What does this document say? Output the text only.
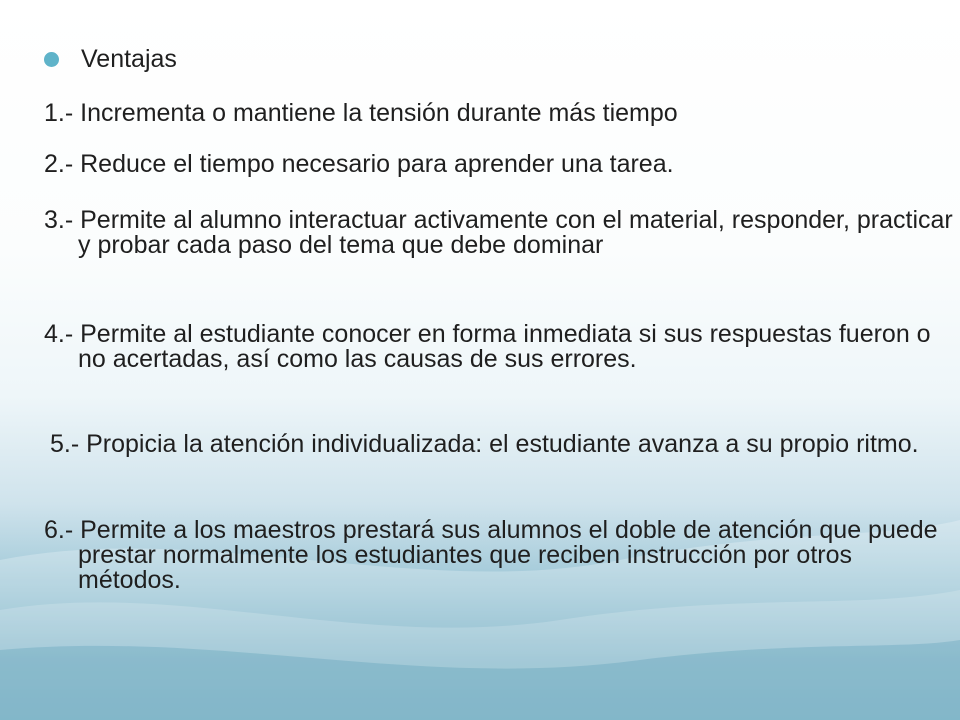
Ventajas
1.- Incrementa o mantiene la tensión durante más tiempo
2.- Reduce el tiempo necesario para aprender una tarea.
3.- Permite al alumno interactuar activamente con el material, responder, practicar y probar cada paso del tema que debe dominar
4.- Permite al estudiante conocer en forma inmediata si sus respuestas fueron o no acertadas, así como las causas de sus errores.
5.- Propicia la atención individualizada: el estudiante avanza a su propio ritmo.
6.- Permite a los maestros prestará sus alumnos el doble de atención que puede prestar normalmente los estudiantes que reciben instrucción por otros métodos.
